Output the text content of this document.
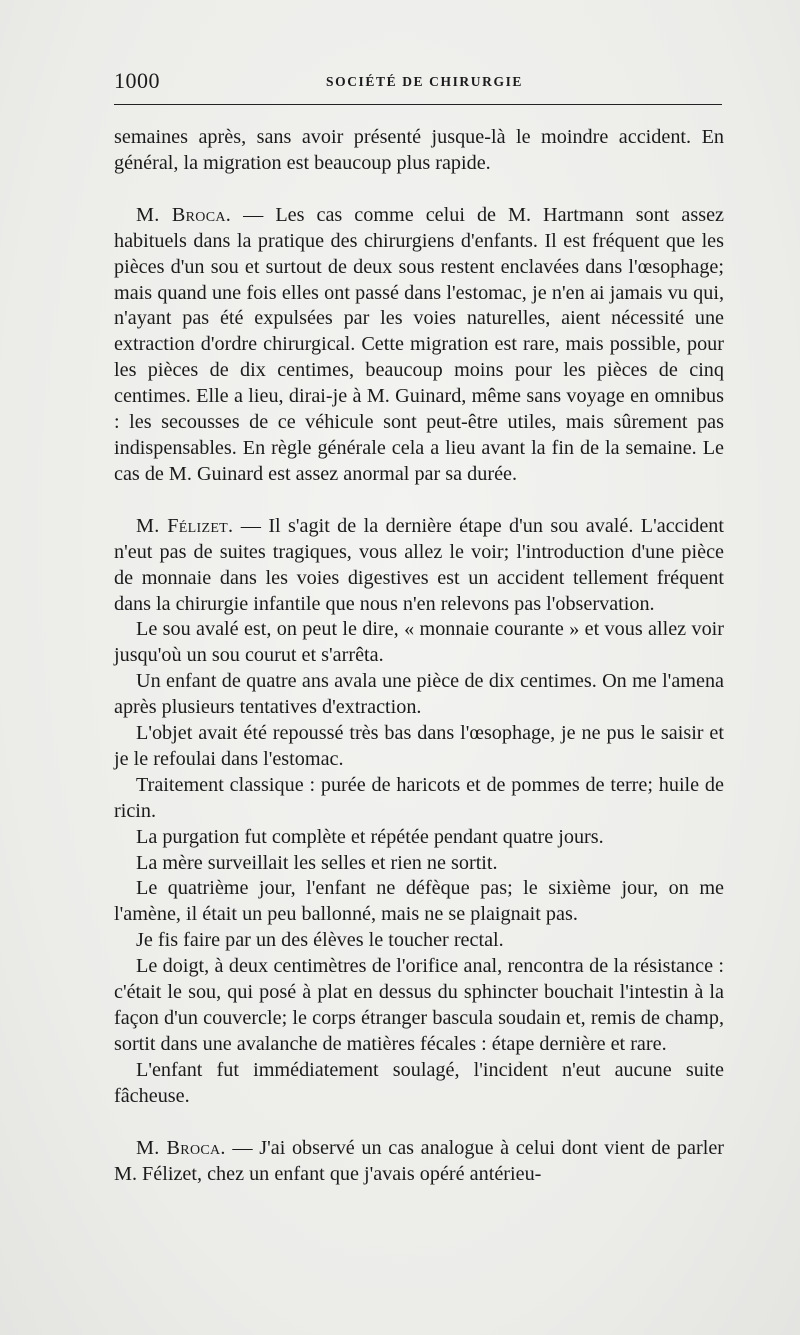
1000	SOCIÉTÉ DE CHIRURGIE

semaines après, sans avoir présenté jusque-là le moindre accident. En général, la migration est beaucoup plus rapide.

M. Broca. — Les cas comme celui de M. Hartmann sont assez habituels dans la pratique des chirurgiens d'enfants. Il est fréquent que les pièces d'un sou et surtout de deux sous restent enclavées dans l'œsophage; mais quand une fois elles ont passé dans l'estomac, je n'en ai jamais vu qui, n'ayant pas été expulsées par les voies naturelles, aient nécessité une extraction d'ordre chirurgical. Cette migration est rare, mais possible, pour les pièces de dix centimes, beaucoup moins pour les pièces de cinq centimes. Elle a lieu, dirai-je à M. Guinard, même sans voyage en omnibus : les secousses de ce véhicule sont peut-être utiles, mais sûrement pas indispensables. En règle générale cela a lieu avant la fin de la semaine. Le cas de M. Guinard est assez anormal par sa durée.

M. Félizet. — Il s'agit de la dernière étape d'un sou avalé. L'accident n'eut pas de suites tragiques, vous allez le voir; l'introduction d'une pièce de monnaie dans les voies digestives est un accident tellement fréquent dans la chirurgie infantile que nous n'en relevons pas l'observation.

Le sou avalé est, on peut le dire, « monnaie courante » et vous allez voir jusqu'où un sou courut et s'arrêta.

Un enfant de quatre ans avala une pièce de dix centimes. On me l'amena après plusieurs tentatives d'extraction.

L'objet avait été repoussé très bas dans l'œsophage, je ne pus le saisir et je le refoulai dans l'estomac.

Traitement classique : purée de haricots et de pommes de terre; huile de ricin.

La purgation fut complète et répétée pendant quatre jours.

La mère surveillait les selles et rien ne sortit.

Le quatrième jour, l'enfant ne défèque pas; le sixième jour, on me l'amène, il était un peu ballonné, mais ne se plaignait pas.

Je fis faire par un des élèves le toucher rectal.

Le doigt, à deux centimètres de l'orifice anal, rencontra de la résistance : c'était le sou, qui posé à plat en dessus du sphincter bouchait l'intestin à la façon d'un couvercle; le corps étranger bascula soudain et, remis de champ, sortit dans une avalanche de matières fécales : étape dernière et rare.

L'enfant fut immédiatement soulagé, l'incident n'eut aucune suite fâcheuse.

M. Broca. — J'ai observé un cas analogue à celui dont vient de parler M. Félizet, chez un enfant que j'avais opéré antérieu-
